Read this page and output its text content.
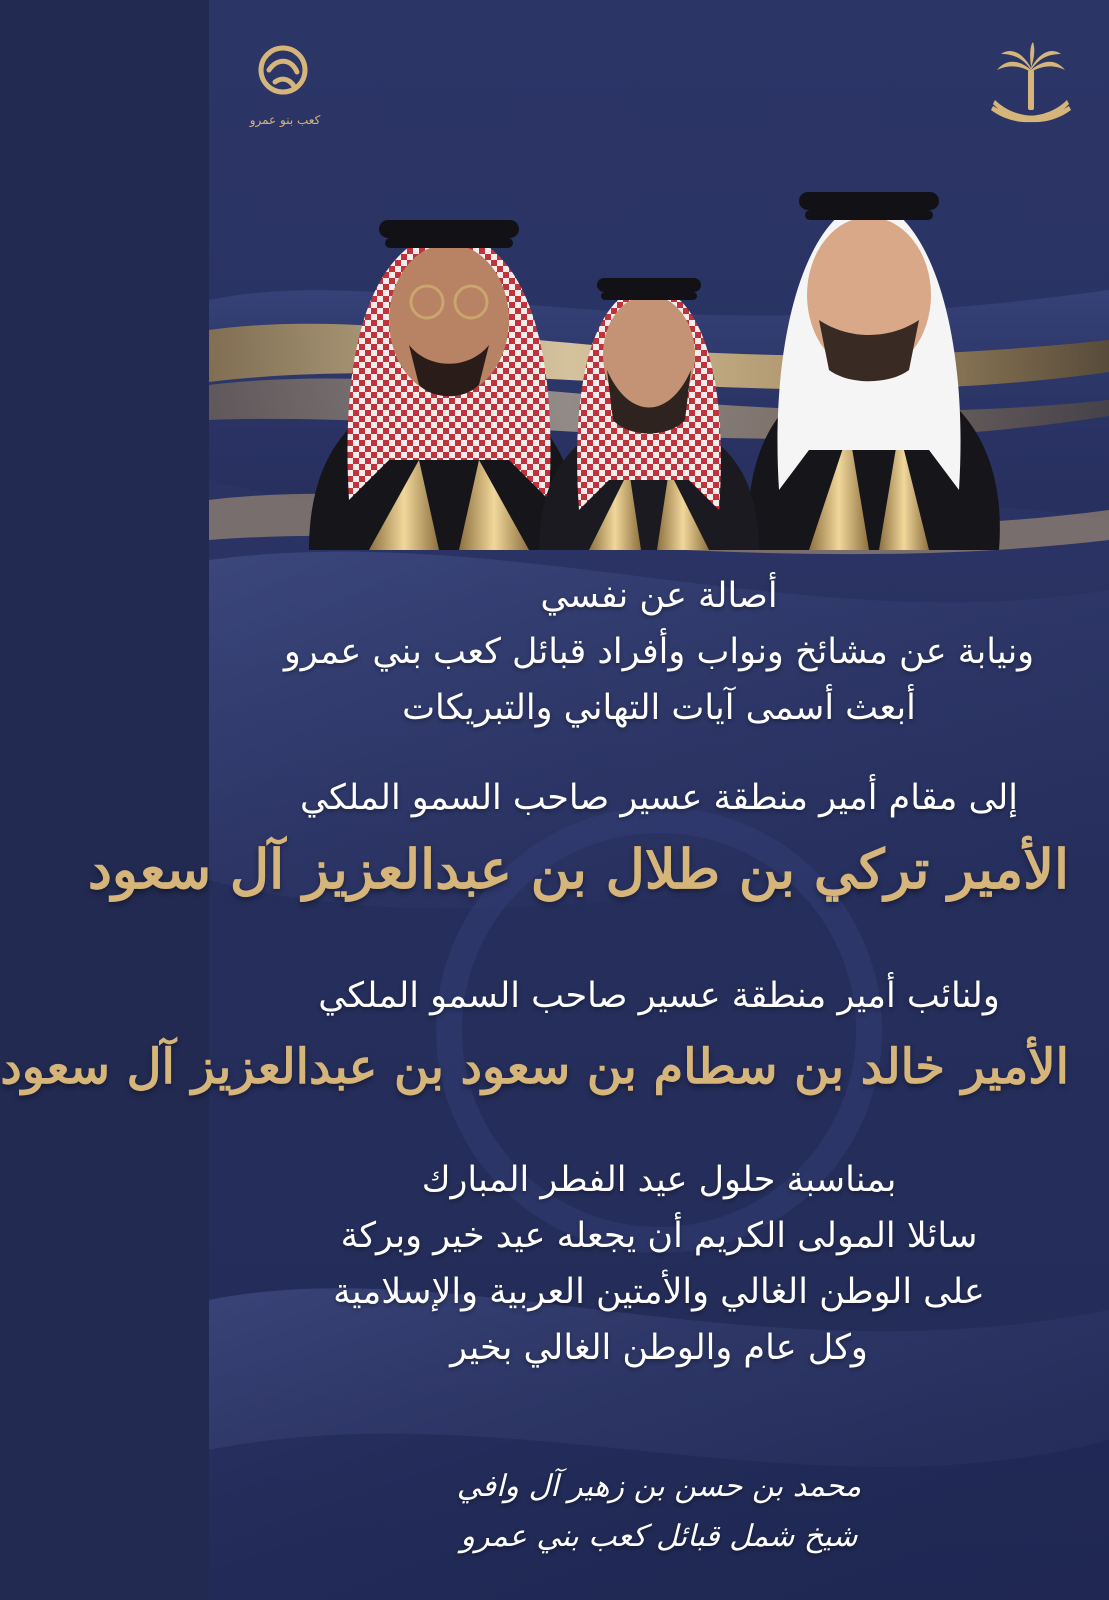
كعب بنو عمرو
أصالة عن نفسي
ونيابة عن مشائخ ونواب وأفراد قبائل كعب بني عمرو
أبعث أسمى آيات التهاني والتبريكات
إلى مقام أمير منطقة عسير صاحب السمو الملكي
الأمير تركي بن طلال بن عبدالعزيز آل سعود
ولنائب أمير منطقة عسير صاحب السمو الملكي
الأمير خالد بن سطام بن سعود بن عبدالعزيز آل سعود
بمناسبة حلول عيد الفطر المبارك
سائلا المولى الكريم أن يجعله عيد خير وبركة
على الوطن الغالي والأمتين العربية والإسلامية
وكل عام والوطن الغالي بخير
محمد بن حسن بن زهير آل وافي
شيخ شمل قبائل كعب بني عمرو
